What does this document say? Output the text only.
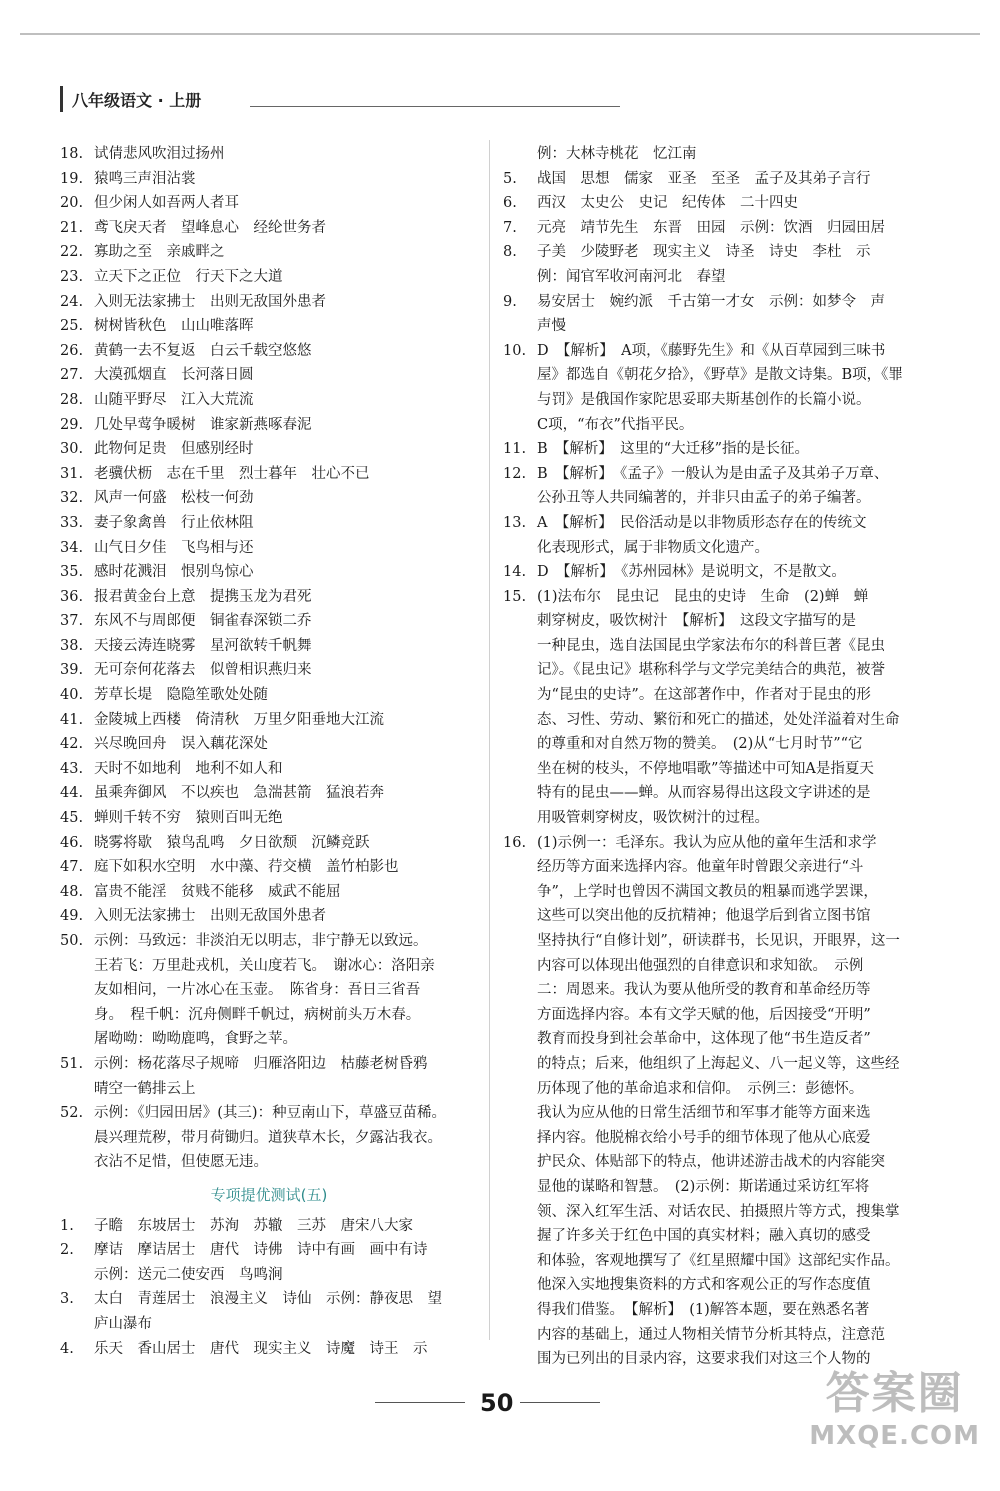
八年级语文 · 上册
18. 试倩悲风吹泪过扬州
19. 猿鸣三声泪沾裳
20. 但少闲人如吾两人者耳
21. 鸢飞戾天者　望峰息心　经纶世务者
22. 寡助之至　亲戚畔之
23. 立天下之正位　行天下之大道
24. 入则无法家拂士　出则无敌国外患者
25. 树树皆秋色　山山唯落晖
26. 黄鹤一去不复返　白云千载空悠悠
27. 大漠孤烟直　长河落日圆
28. 山随平野尽　江入大荒流
29. 几处早莺争暖树　谁家新燕啄春泥
30. 此物何足贵　但感别经时
31. 老骥伏枥　志在千里　烈士暮年　壮心不已
32. 风声一何盛　松枝一何劲
33. 妻子象禽兽　行止依林阻
34. 山气日夕佳　飞鸟相与还
35. 感时花溅泪　恨别鸟惊心
36. 报君黄金台上意　提携玉龙为君死
37. 东风不与周郎便　铜雀春深锁二乔
38. 天接云涛连晓雾　星河欲转千帆舞
39. 无可奈何花落去　似曾相识燕归来
40. 芳草长堤　隐隐笙歌处处随
41. 金陵城上西楼　倚清秋　万里夕阳垂地大江流
42. 兴尽晚回舟　误入藕花深处
43. 天时不如地利　地利不如人和
44. 虽乘奔御风　不以疾也　急湍甚箭　猛浪若奔
45. 蝉则千转不穷　猿则百叫无绝
46. 晓雾将歇　猿鸟乱鸣　夕日欲颓　沉鳞竞跃
47. 庭下如积水空明　水中藻、荇交横　盖竹柏影也
48. 富贵不能淫　贫贱不能移　威武不能屈
49. 入则无法家拂士　出则无敌国外患者
50. 示例：马致远：非淡泊无以明志，非宁静无以致远。
王若飞：万里赴戎机，关山度若飞。　谢冰心：洛阳亲
友如相问，一片冰心在玉壶。　陈省身：吾日三省吾
身。　程千帆：沉舟侧畔千帆过，病树前头万木春。
屠呦呦：呦呦鹿鸣，食野之苹。
51. 示例：杨花落尽子规啼　归雁洛阳边　枯藤老树昏鸦
晴空一鹤排云上
52. 示例：《归园田居》(其三)：种豆南山下，草盛豆苗稀。
晨兴理荒秽，带月荷锄归。道狭草木长，夕露沾我衣。
衣沾不足惜，但使愿无违。
专项提优测试(五)
1.	子瞻　东坡居士　苏洵　苏辙　三苏　唐宋八大家
2.	摩诘　摩诘居士　唐代　诗佛　诗中有画　画中有诗
示例：送元二使安西　鸟鸣涧
3.	太白　青莲居士　浪漫主义　诗仙　示例：静夜思　望
庐山瀑布
4.	乐天　香山居士　唐代　现实主义　诗魔　诗王　示
例：大林寺桃花　忆江南
5.	战国　思想　儒家　亚圣　至圣　孟子及其弟子言行
6.	西汉　太史公　史记　纪传体　二十四史
7.	元亮　靖节先生　东晋　田园　示例：饮酒　归园田居
8.	子美　少陵野老　现实主义　诗圣　诗史　李杜　示
例：闻官军收河南河北　春望
9.	易安居士　婉约派　千古第一才女　示例：如梦令　声
声慢
10. D　【解析】　A项，《藤野先生》和《从百草园到三味书
屋》都选自《朝花夕拾》，《野草》是散文诗集。B项，《罪
与罚》是俄国作家陀思妥耶夫斯基创作的长篇小说。
C项，“布衣”代指平民。
11. B　【解析】　这里的“大迁移”指的是长征。
12. B　【解析】　《孟子》一般认为是由孟子及其弟子万章、
公孙丑等人共同编著的，并非只由孟子的弟子编著。
13. A　【解析】　民俗活动是以非物质形态存在的传统文
化表现形式，属于非物质文化遗产。
14. D　【解析】　《苏州园林》是说明文，不是散文。
15. (1)法布尔　昆虫记　昆虫的史诗　生命　(2)蝉　蝉
刺穿树皮，吸饮树汁　【解析】　这段文字描写的是
一种昆虫，选自法国昆虫学家法布尔的科普巨著《昆虫
记》。《昆虫记》堪称科学与文学完美结合的典范，被誉
为“昆虫的史诗”。在这部著作中，作者对于昆虫的形
态、习性、劳动、繁衍和死亡的描述，处处洋溢着对生命
的尊重和对自然万物的赞美。　(2)从“七月时节”“它
坐在树的枝头，不停地唱歌”等描述中可知A是指夏天
特有的昆虫——蝉。从而容易得出这段文字讲述的是
用吸管刺穿树皮，吸饮树汁的过程。
16. (1)示例一：毛泽东。我认为应从他的童年生活和求学
经历等方面来选择内容。他童年时曾跟父亲进行“斗
争”，上学时也曾因不满国文教员的粗暴而逃学罢课，
这些可以突出他的反抗精神；他退学后到省立图书馆
坚持执行“自修计划”，研读群书，长见识，开眼界，这一
内容可以体现出他强烈的自律意识和求知欲。　示例
二：周恩来。我认为要从他所受的教育和革命经历等
方面选择内容。本有文学天赋的他，后因接受“开明”
教育而投身到社会革命中，这体现了他“书生造反者”
的特点；后来，他组织了上海起义、八一起义等，这些经
历体现了他的革命追求和信仰。　示例三：彭德怀。
我认为应从他的日常生活细节和军事才能等方面来选
择内容。他脱棉衣给小号手的细节体现了他从心底爱
护民众、体贴部下的特点，他讲述游击战术的内容能突
显他的谋略和智慧。　(2)示例：斯诺通过采访红军将
领、深入红军生活、对话农民、拍摄照片等方式，搜集掌
握了许多关于红色中国的真实材料；融入真切的感受
和体验，客观地撰写了《红星照耀中国》这部纪实作品。
他深入实地搜集资料的方式和客观公正的写作态度值
得我们借鉴。　【解析】　(1)解答本题，要在熟悉名著
内容的基础上，通过人物相关情节分析其特点，注意范
围为已列出的目录内容，这要求我们对这三个人物的
50	答案圈
MXQE.COM
